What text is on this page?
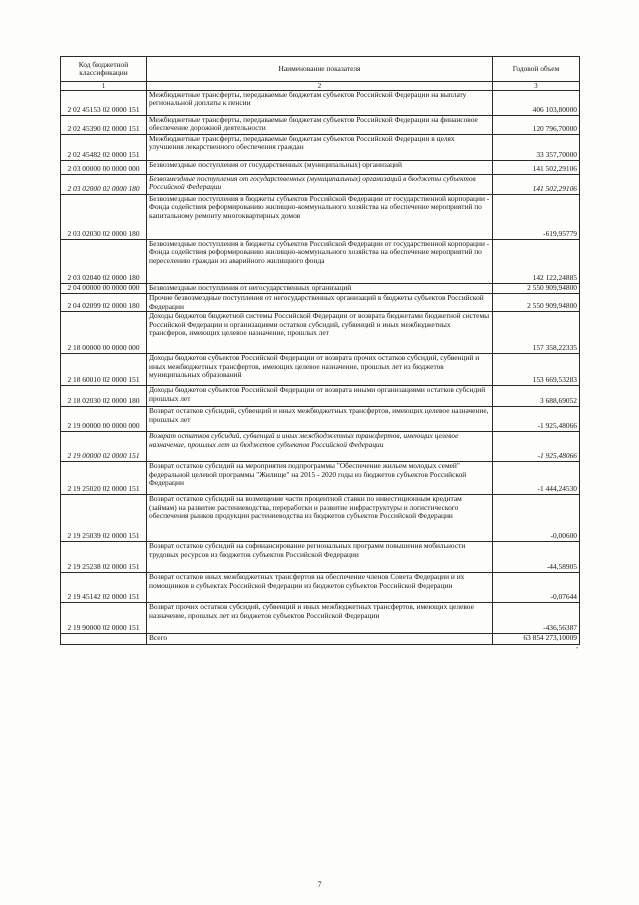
Код бюджетной классификации	Наименование показателя	Годовой объем
1	2	3
2 02 45153 02 0000 151	Межбюджетные трансферты, передаваемые бюджетам субъектов Российской Федерации на выплату региональной доплаты к пенсии	406 103,80000
2 02 45390 02 0000 151	Межбюджетные трансферты, передаваемые бюджетам субъектов Российской Федерации на финансовое обеспечение дорожной деятельности	120 796,70000
2 02 45482 02 0000 151	Межбюджетные трансферты, передаваемые бюджетам субъектов Российской Федерации в целях улучшения лекарственного обеспечения граждан	33 357,70000
2 03 00000 00 0000 000	Безвозмездные поступления от государственных (муниципальных) организаций	141 502,29106
2 03 02000 02 0000 180	Безвозмездные поступления от государственных (муниципальных) организаций в бюджеты субъектов Российской Федерации	141 502,29106
2 03 02030 02 0000 180	Безвозмездные поступления в бюджеты субъектов Российской Федерации от государственной корпорации - Фонда содействия реформированию жилищно-коммунального хозяйства на обеспечение мероприятий по капитальному ремонту многоквартирных домов	-619,95779
2 03 02040 02 0000 180	Безвозмездные поступления в бюджеты субъектов Российской Федерации от государственной корпорации - Фонда содействия реформированию жилищно-коммунального хозяйства на обеспечение мероприятий по переселению граждан из аварийного жилищного фонда	142 122,24885
2 04 00000 00 0000 000	Безвозмездные поступления от негосударственных организаций	2 550 909,94800
2 04 02099 02 0000 180	Прочие безвозмездные поступления от негосударственных организаций в бюджеты субъектов Российской Федерации	2 550 909,94800
2 18 00000 00 0000 000	Доходы бюджетов бюджетной системы Российской Федерации от возврата бюджетами бюджетной системы Российской Федерации и организациями остатков субсидий, субвенций и иных межбюджетных трансферов, имеющих целевое назначение, прошлых лет	157 358,22335
2 18 60010 02 0000 151	Доходы бюджетов субъектов Российской Федерации от возврата прочих остатков субсидий, субвенций и иных межбюджетных трансфертов, имеющих целевое назначение, прошлых лет из бюджетов муниципальных образований	153 669,53283
2 18 02030 02 0000 180	Доходы бюджетов субъектов Российской Федерации от возврата иными организациями остатков субсидий прошлых лет	3 688,69052
2 19 00000 00 0000 000	Возврат остатков субсидий, субвенций и иных межбюджетных трансфертов, имеющих целевое назначение, прошлых лет	-1 925,48066
2 19 00000 02 0000 151	Возврат остатков субсидий, субвенций и иных межбюджетных трансфертов, имеющих целевое назначение, прошлых лет из бюджетов субъектов Российской Федерации	-1 925,48066
2 19 25020 02 0000 151	Возврат остатков субсидий на мероприятия подпрограммы "Обеспечение жильем молодых семей" федеральной целевой программы "Жилище" на 2015 - 2020 годы из бюджетов субъектов Российской Федерации	-1 444,24530
2 19 25039 02 0000 151	Возврат остатков субсидий на возмещение части процентной ставки по инвестиционным кредитам (займам) на развитие растениеводства, переработки и развитие инфраструктуры и логистического обеспечения рынков продукции растениеводства из бюджетов субъектов Российской Федерации	-0,00600
2 19 25238 02 0000 151	Возврат остатков субсидий на софинансирование региональных программ повышения мобильности трудовых ресурсов из бюджетов субъектов Российской Федерации	-44,58905
2 19 45142 02 0000 151	Возврат остатков иных межбюджетных трансфертов на обеспечение членов Совета Федерации и их помощников в субъектах Российской Федерации из бюджетов субъектов Российской Федерации	-0,07644
2 19 90000 02 0000 151	Возврат прочих остатков субсидий, субвенций и иных межбюджетных трансфертов, имеющих целевое назначение, прошлых лет из бюджетов субъектов Российской Федерации	-436,56387
	Всего	63 854 273,10009
"
7
